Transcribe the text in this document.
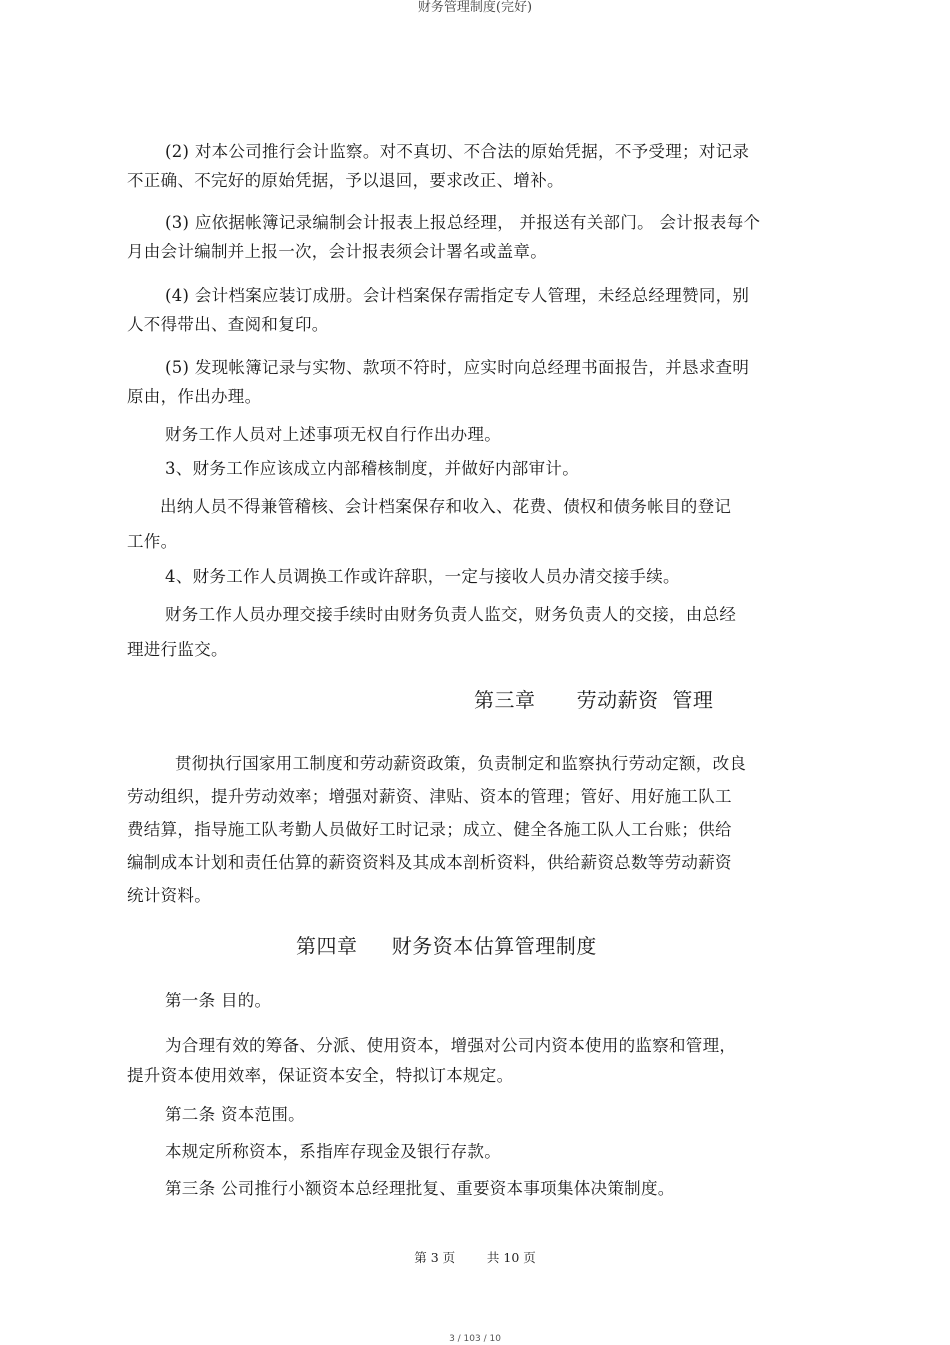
财务管理制度(完好)
(2) 对本公司推行会计监察。对不真切、不合法的原始凭据，不予受理；对记录
不正确、不完好的原始凭据，予以退回，要求改正、增补。
(3) 应依据帐簿记录编制会计报表上报总经理， 并报送有关部门。 会计报表每个
月由会计编制并上报一次，会计报表须会计署名或盖章。
(4) 会计档案应装订成册。会计档案保存需指定专人管理，未经总经理赞同，别
人不得带出、查阅和复印。
(5) 发现帐簿记录与实物、款项不符时，应实时向总经理书面报告，并恳求查明
原由，作出办理。
财务工作人员对上述事项无权自行作出办理。
3、财务工作应该成立内部稽核制度，并做好内部审计。
出纳人员不得兼管稽核、会计档案保存和收入、花费、债权和债务帐目的登记
工作。
4、财务工作人员调换工作或许辞职，一定与接收人员办清交接手续。
财务工作人员办理交接手续时由财务负责人监交，财务负责人的交接，由总经
理进行监交。
第三章      劳动薪资  管理
贯彻执行国家用工制度和劳动薪资政策，负责制定和监察执行劳动定额，改良
劳动组织，提升劳动效率；增强对薪资、津贴、资本的管理；管好、用好施工队工
费结算，指导施工队考勤人员做好工时记录；成立、健全各施工队人工台账；供给
编制成本计划和责任估算的薪资资料及其成本剖析资料，供给薪资总数等劳动薪资
统计资料。
第四章     财务资本估算管理制度
第一条 目的。
为合理有效的筹备、分派、使用资本，增强对公司内资本使用的监察和管理，
提升资本使用效率，保证资本安全，特拟订本规定。
第二条 资本范围。
本规定所称资本，系指库存现金及银行存款。
第三条 公司推行小额资本总经理批复、重要资本事项集体决策制度。
第 3 页        共 10 页
3 / 103 / 10
